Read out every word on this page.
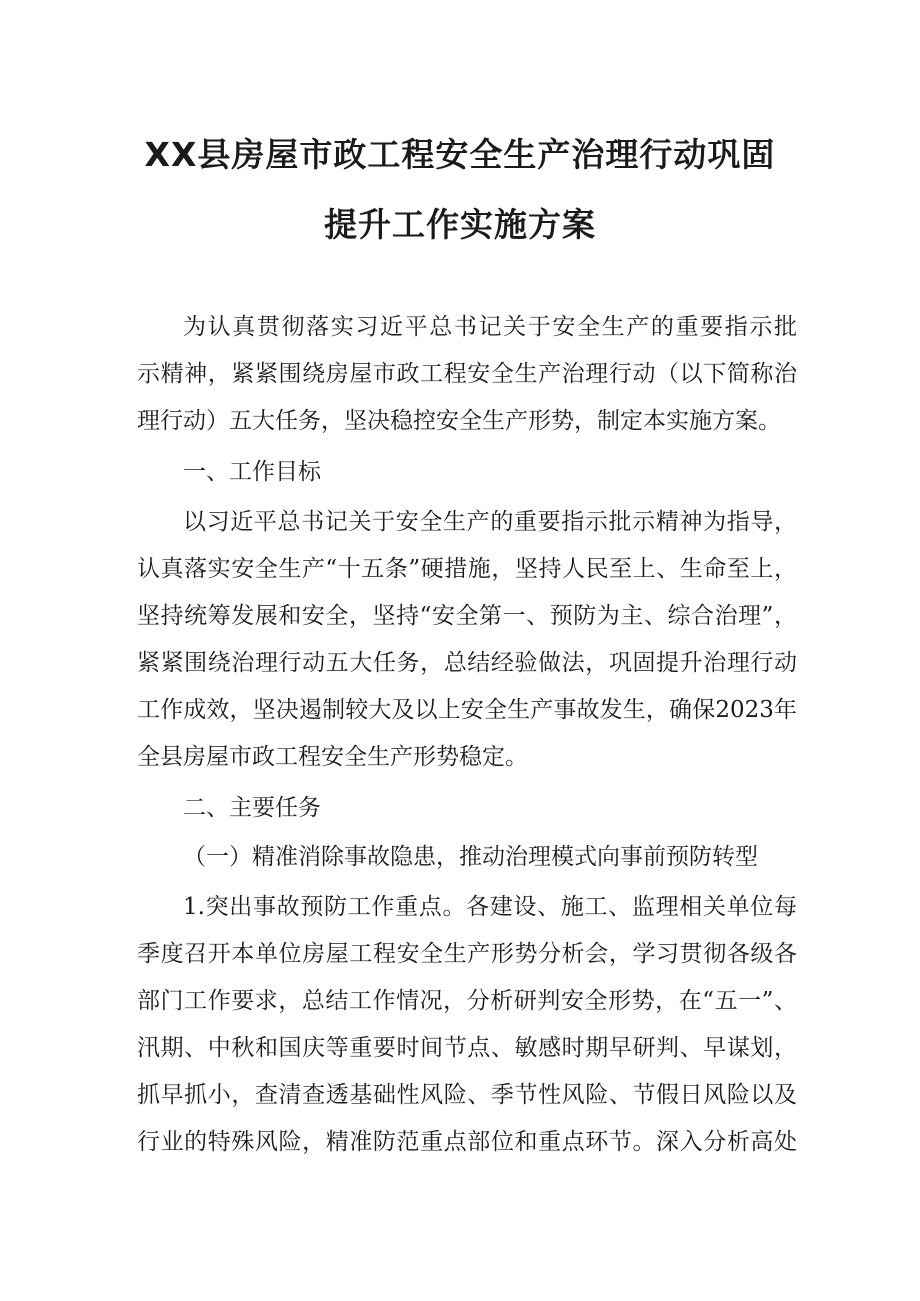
XX县房屋市政工程安全生产治理行动巩固
提升工作实施方案

为认真贯彻落实习近平总书记关于安全生产的重要指示批

示精神，紧紧围绕房屋市政工程安全生产治理行动（以下简称治

理行动）五大任务，坚决稳控安全生产形势，制定本实施方案。

一、工作目标

以习近平总书记关于安全生产的重要指示批示精神为指导，

认真落实安全生产“十五条”硬措施，坚持人民至上、生命至上，

坚持统筹发展和安全，坚持“安全第一、预防为主、综合治理”，

紧紧围绕治理行动五大任务，总结经验做法，巩固提升治理行动

工作成效，坚决遏制较大及以上安全生产事故发生，确保2023年

全县房屋市政工程安全生产形势稳定。

二、主要任务

（一）精准消除事故隐患，推动治理模式向事前预防转型

1.突出事故预防工作重点。各建设、施工、监理相关单位每

季度召开本单位房屋工程安全生产形势分析会，学习贯彻各级各

部门工作要求，总结工作情况，分析研判安全形势，在“五一”、

汛期、中秋和国庆等重要时间节点、敏感时期早研判、早谋划，

抓早抓小，查清查透基础性风险、季节性风险、节假日风险以及

行业的特殊风险，精准防范重点部位和重点环节。深入分析高处
